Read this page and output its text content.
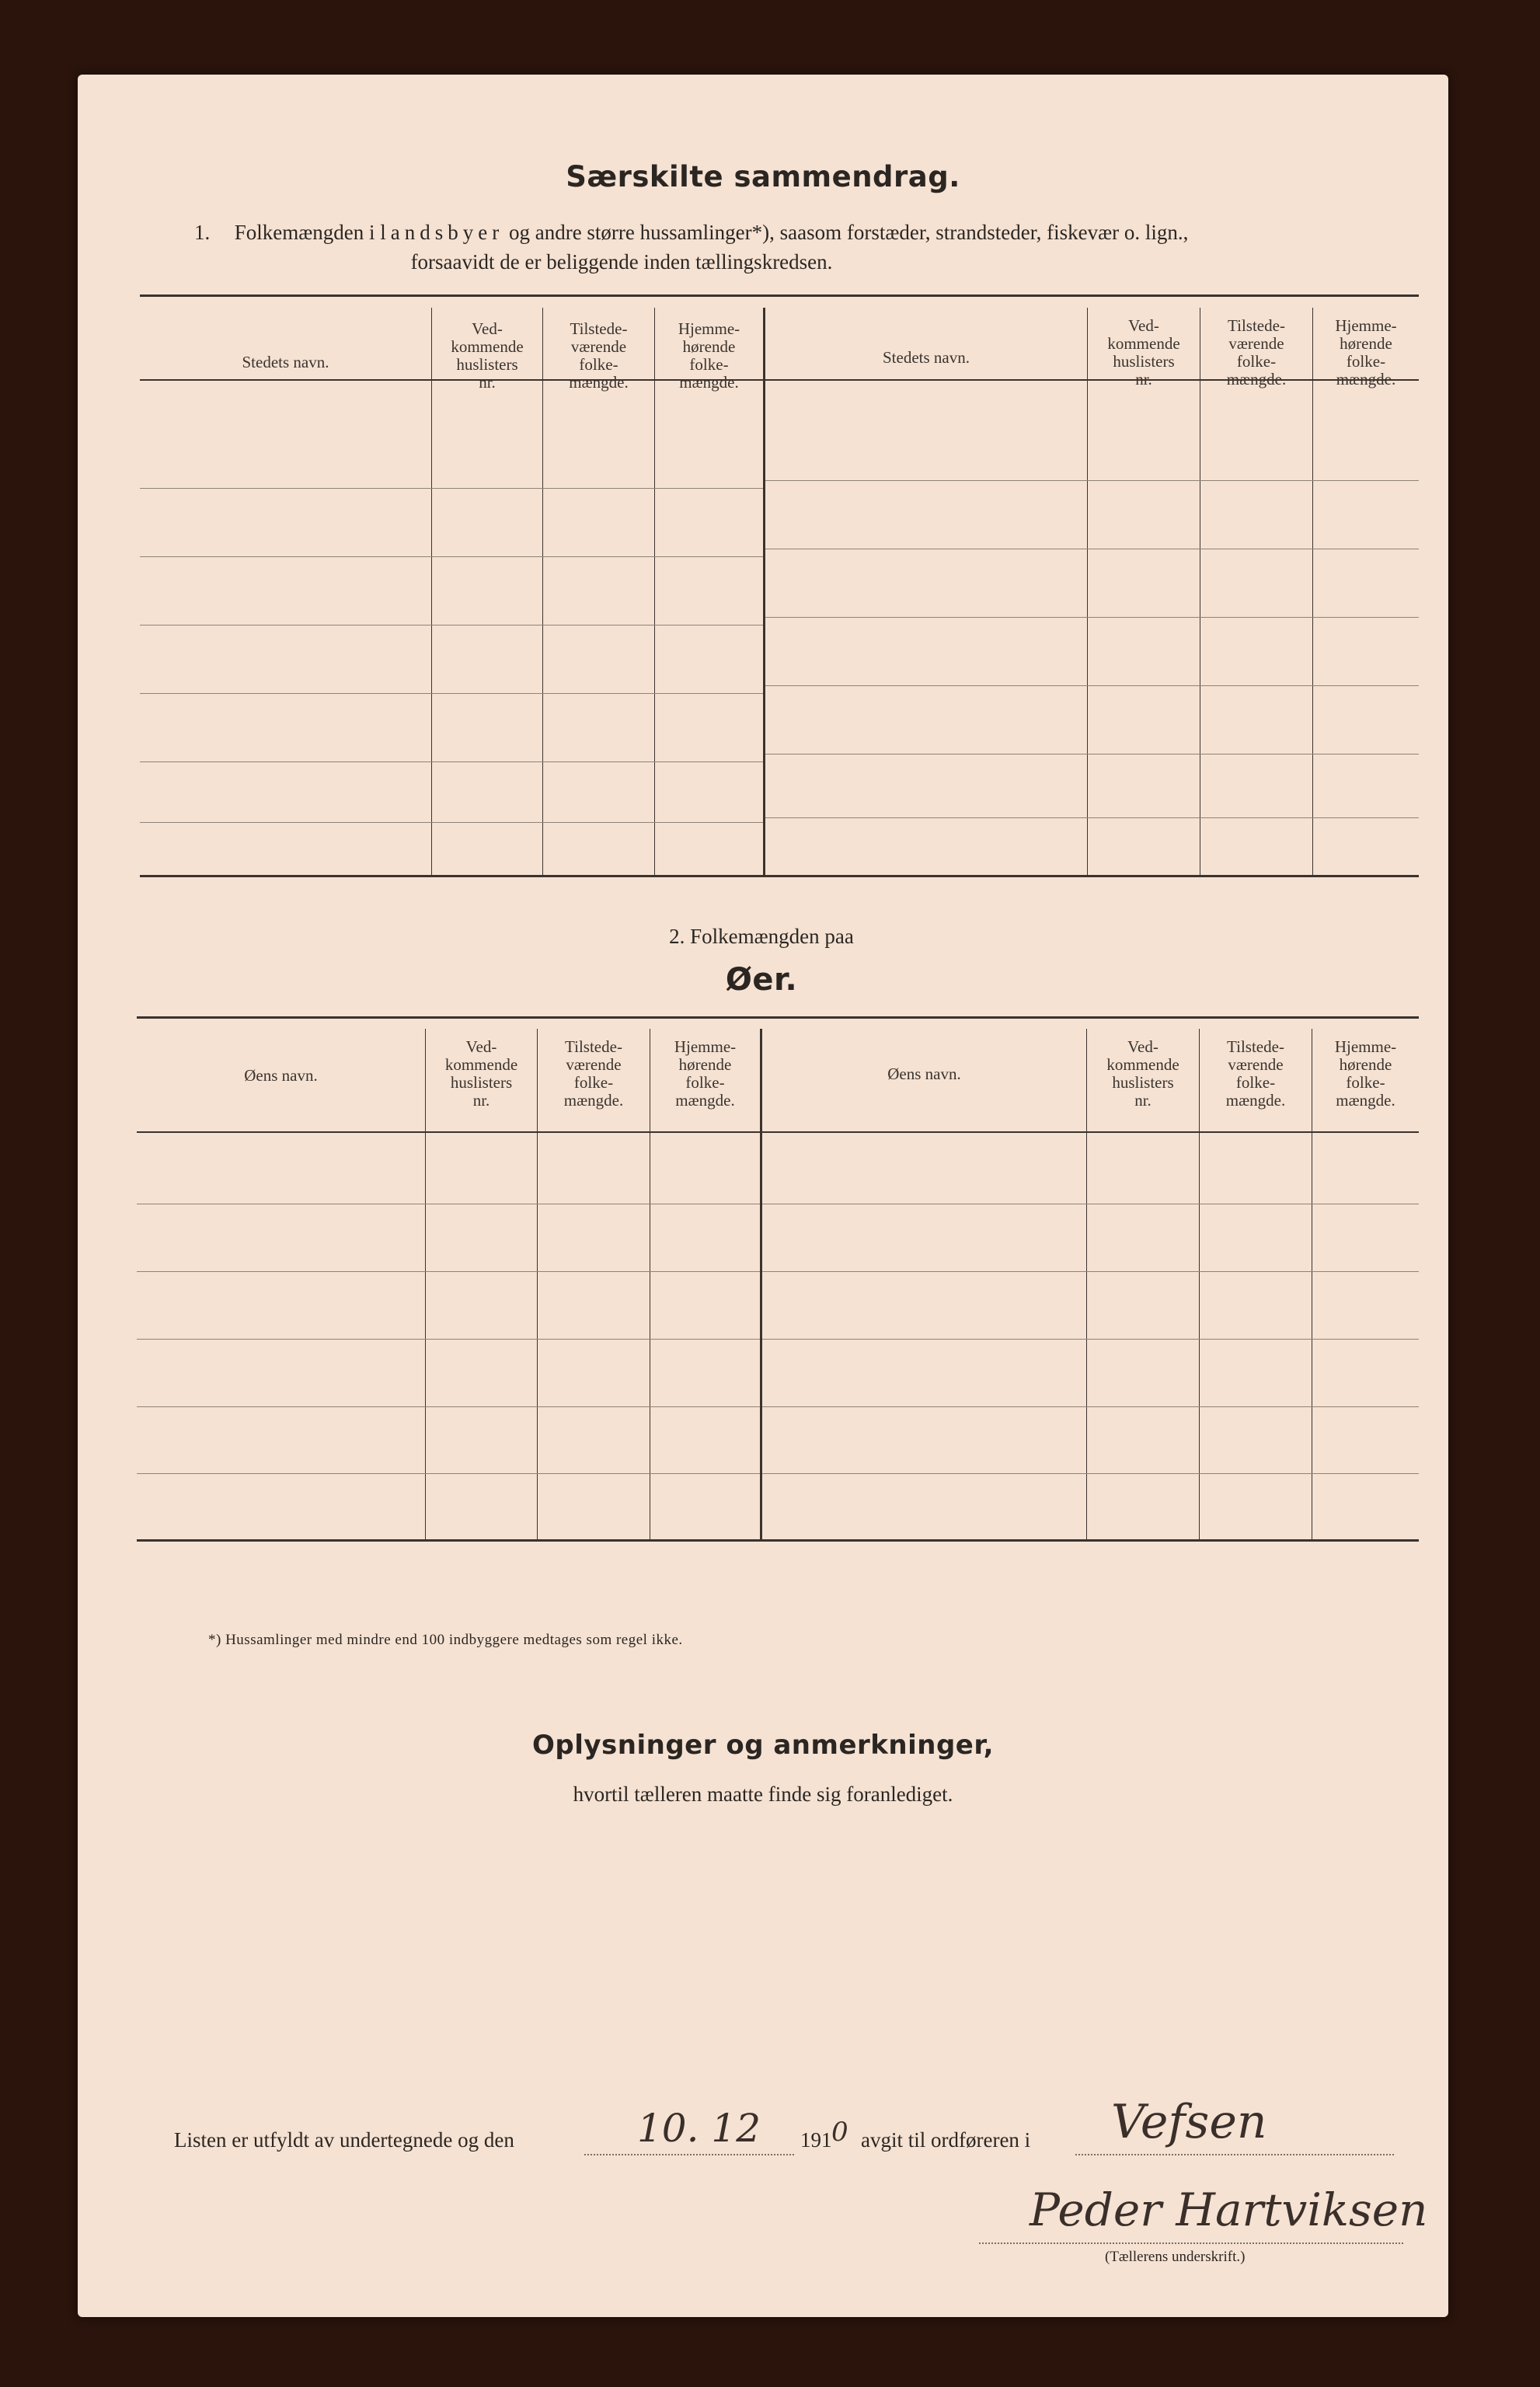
Særskilte sammendrag.
1. Folkemængden i landsbyer og andre større hussamlinger*), saasom forstæder, strandsteder, fiskevær o. lign.,
forsaavidt de er beliggende inden tællingskredsen.
Stedets navn.
Ved-
kommende
huslisters
nr.
Tilstede-
værende
folke-
mængde.
Hjemme-
hørende
folke-
mængde.
Stedets navn.
Ved-
kommende
huslisters
nr.
Tilstede-
værende
folke-
mængde.
Hjemme-
hørende
folke-
mængde.
2. Folkemængden paa
Øer.
Øens navn.
Ved-
kommende
huslisters
nr.
Tilstede-
værende
folke-
mængde.
Hjemme-
hørende
folke-
mængde.
Øens navn.
Ved-
kommende
huslisters
nr.
Tilstede-
værende
folke-
mængde.
Hjemme-
hørende
folke-
mængde.
*) Hussamlinger med mindre end 100 indbyggere medtages som regel ikke.
Oplysninger og anmerkninger,
hvortil tælleren maatte finde sig foranlediget.
Listen er utfyldt av undertegnede og den	10. 12 191 0 avgit til ordføreren i Vefsen
Peder Hartviksen
(Tællerens underskrift.)
